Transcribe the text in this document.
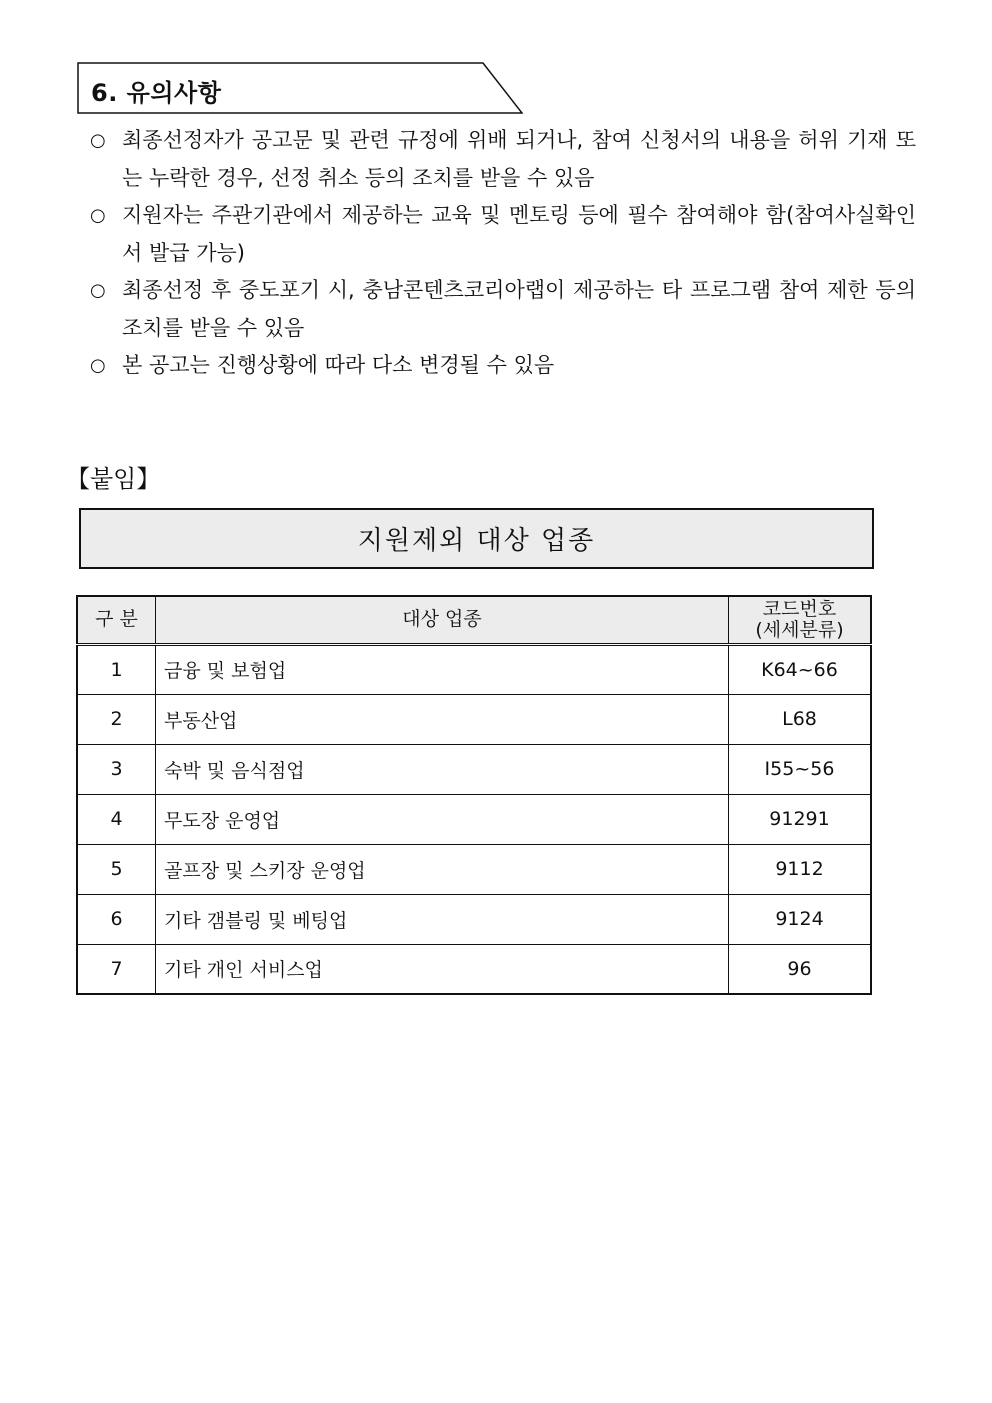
6. 유의사항
○ 최종선정자가 공고문 및 관련 규정에 위배 되거나, 참여 신청서의 내용을 허위 기재 또는 누락한 경우, 선정 취소 등의 조치를 받을 수 있음
○ 지원자는 주관기관에서 제공하는 교육 및 멘토링 등에 필수 참여해야 함(참여사실확인서 발급 가능)
○ 최종선정 후 중도포기 시, 충남콘텐츠코리아랩이 제공하는 타 프로그램 참여 제한 등의 조치를 받을 수 있음
○ 본 공고는 진행상황에 따라 다소 변경될 수 있음
【붙임】
지원제외 대상 업종
구 분	대상 업종	코드번호
(세세분류)

1	금융 및 보험업	K64~66
2	부동산업	L68
3	숙박 및 음식점업	I55~56
4	무도장 운영업	91291
5	골프장 및 스키장 운영업	9112
6	기타 갬블링 및 베팅업	9124
7	기타 개인 서비스업	96
